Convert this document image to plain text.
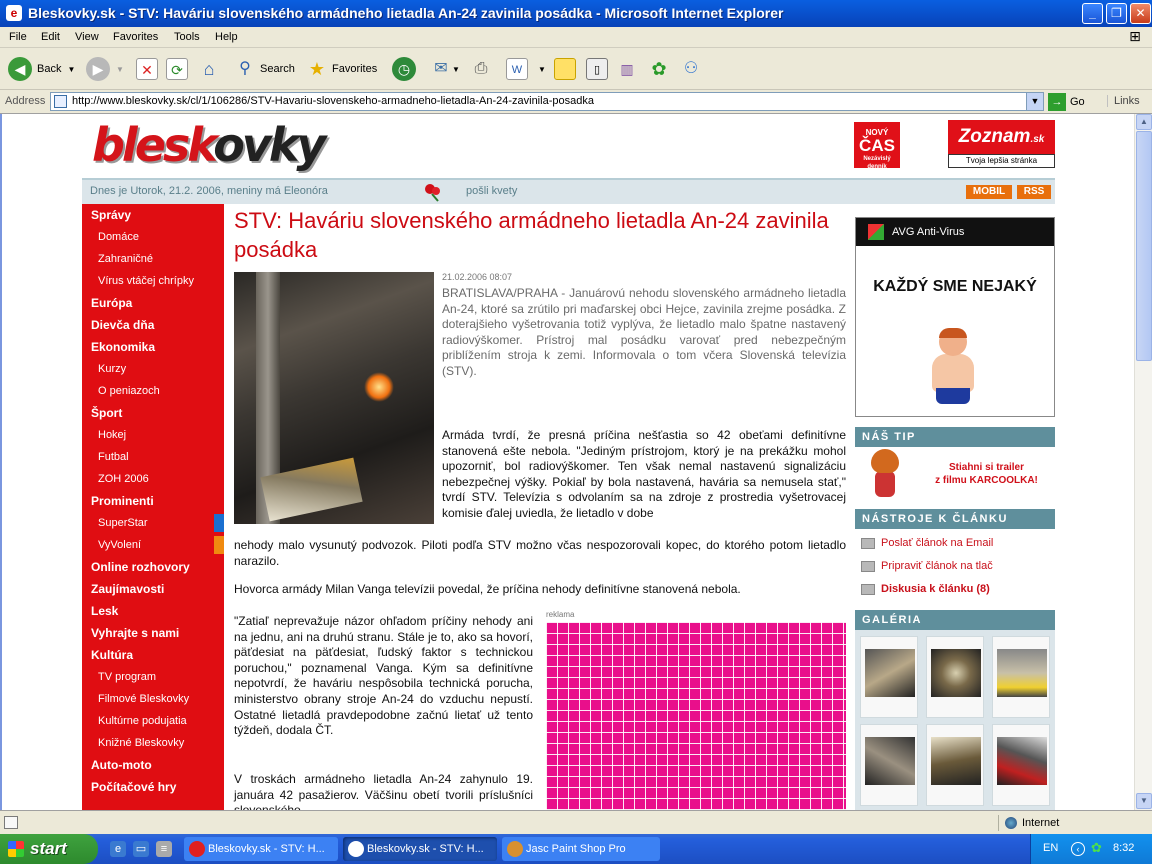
e Bleskovky.sk - STV: Haváriu slovenského armádneho lietadla An-24 zavinila posádka - Microsoft Internet Explorer	_	❐	✕
File Edit View Favorites Tools Help	⊞
◀	Back ▼	▶	▼	✕	⟳	⌂	⚲ Search ★ Favorites	◷	✉ ▼ ⎙	W	▼	▯	▥ ✿ ⚇
Address http://www.bleskovky.sk/cl/1/106286/STV-Havariu-slovenskeho-armadneho-lietadla-An-24-zavinila-posadka	▼	→ Go	Links
bleskovky	NOVÝ
ČAS
Nezávislý denník
Zoznam.sk
Tvoja lepšia stránka
Dnes je Utorok, 21.2. 2006, meniny má Eleonóra	pošli kvety	MOBIL	RSS
Správy
Domáce
Zahraničné
Vírus vtáčej chrípky
Európa
Dievča dňa
Ekonomika
Kurzy
O peniazoch
Šport
Hokej
Futbal
ZOH 2006
Prominenti
SuperStar
VyVolení
Online rozhovory
Zaujímavosti
Lesk
Vyhrajte s nami
Kultúra
TV program
Filmové Bleskovky
Kultúrne podujatia
Knižné Bleskovky
Auto-moto
Počítačové hry
STV: Haváriu slovenského armádneho lietadla An-24 zavinila posádka
21.02.2006 08:07

BRATISLAVA/PRAHA - Januárovú nehodu slovenského armádneho lietadla An-24, ktoré sa zrútilo pri maďarskej obci Hejce, zavinila zrejme posádka. Z doterajšieho vyšetrovania totiž vyplýva, že lietadlo malo špatne nastavený radiovýškomer. Prístroj mal posádku varovať pred nebezpečným priblížením stroja k zemi. Informovala o tom včera Slovenská televízia (STV).

Armáda tvrdí, že presná príčina nešťastia so 42 obeťami definitívne stanovená ešte nebola. "Jediným prístrojom, ktorý je na prekážku mohol upozorniť, bol radiovýškomer. Ten však nemal nastavenú signalizáciu nebezpečnej výšky. Pokiaľ by bola nastavená, havária sa nemusela stať," tvrdí STV. Televízia s odvolaním sa na zdroje z prostredia vyšetrovacej komisie ďalej uviedla, že lietadlo v dobe

nehody malo vysunutý podvozok. Piloti podľa STV možno včas nespozorovali kopec, do ktorého potom lietadlo narazilo.

Hovorca armády Milan Vanga televízii povedal, že príčina nehody definitívne stanovená nebola.

"Zatiaľ neprevažuje názor ohľadom príčiny nehody ani na jednu, ani na druhú stranu. Stále je to, ako sa hovorí, päťdesiat na päťdesiat, ľudský faktor s technickou poruchou," poznamenal Vanga. Kým sa definitívne nepotvrdí, že haváriu nespôsobila technická porucha, ministerstvo obrany stroje An-24 do vzduchu nepustí. Ostatné lietadlá pravdepodobne začnú lietať už tento týždeň, dodala ČT.

V troskách armádneho lietadla An-24 zahynulo 19. januára 42 pasažierov. Väčšinu obetí tvorili príslušníci

reklama
AVG Anti-Virus
KAŽDÝ SME NEJAKÝ
NÁŠ TIP
Stiahni si trailer
z filmu KARCOOLKA!
NÁSTROJE K ČLÁNKU
Poslať článok na Email
Pripraviť článok na tlač
Diskusia k článku (8)
GALÉRIA
▲
▼
Internet
start	e	▭	≡	Bleskovky.sk - STV: H...	Bleskovky.sk - STV: H...	Jasc Paint Shop Pro	EN	‹ ✿ 8:32
